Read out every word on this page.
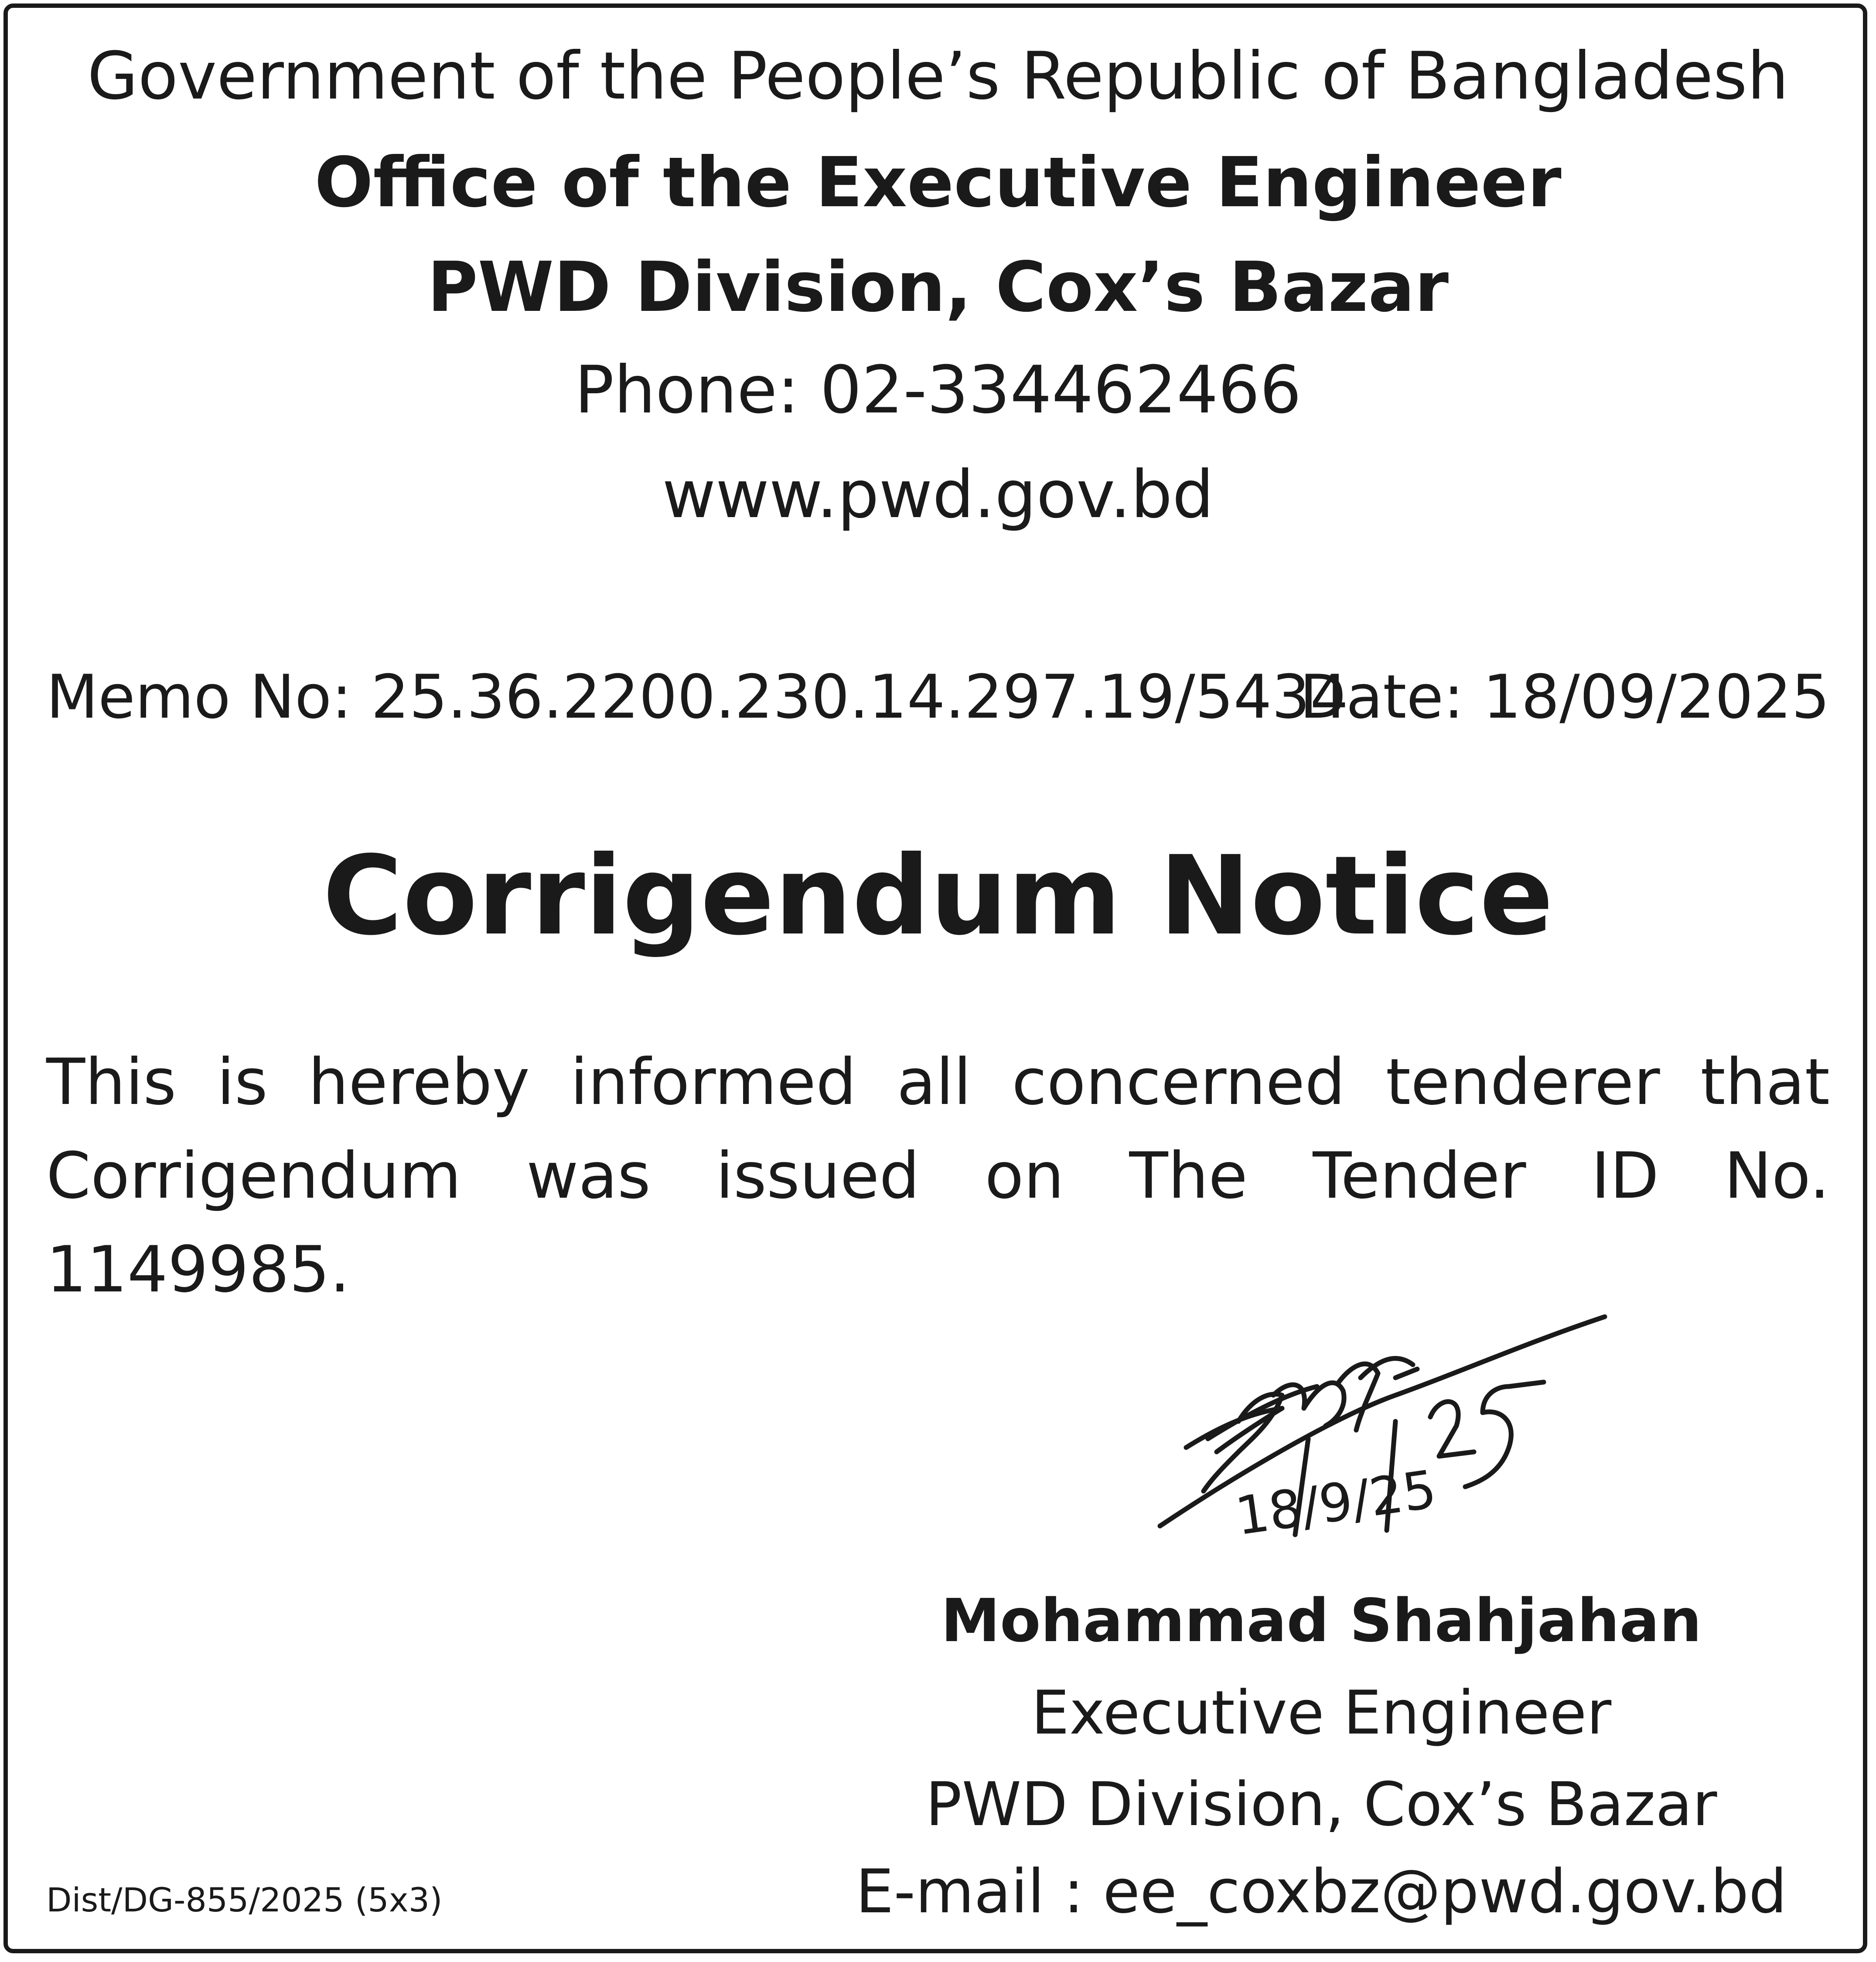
Government of the People’s Republic of Bangladesh
Office of the Executive Engineer
PWD Division, Cox’s Bazar
Phone: 02-334462466
www.pwd.gov.bd
Memo No: 25.36.2200.230.14.297.19/5434
Date: 18/09/2025
Corrigendum Notice
This is hereby informed all concerned tenderer that Corrigendum was issued on The Tender ID No. 1149985.
18/9/25
Mohammad Shahjahan
Executive Engineer
PWD Division, Cox’s Bazar
E-mail : ee_coxbz@pwd.gov.bd
Dist/DG-855/2025 (5x3)
